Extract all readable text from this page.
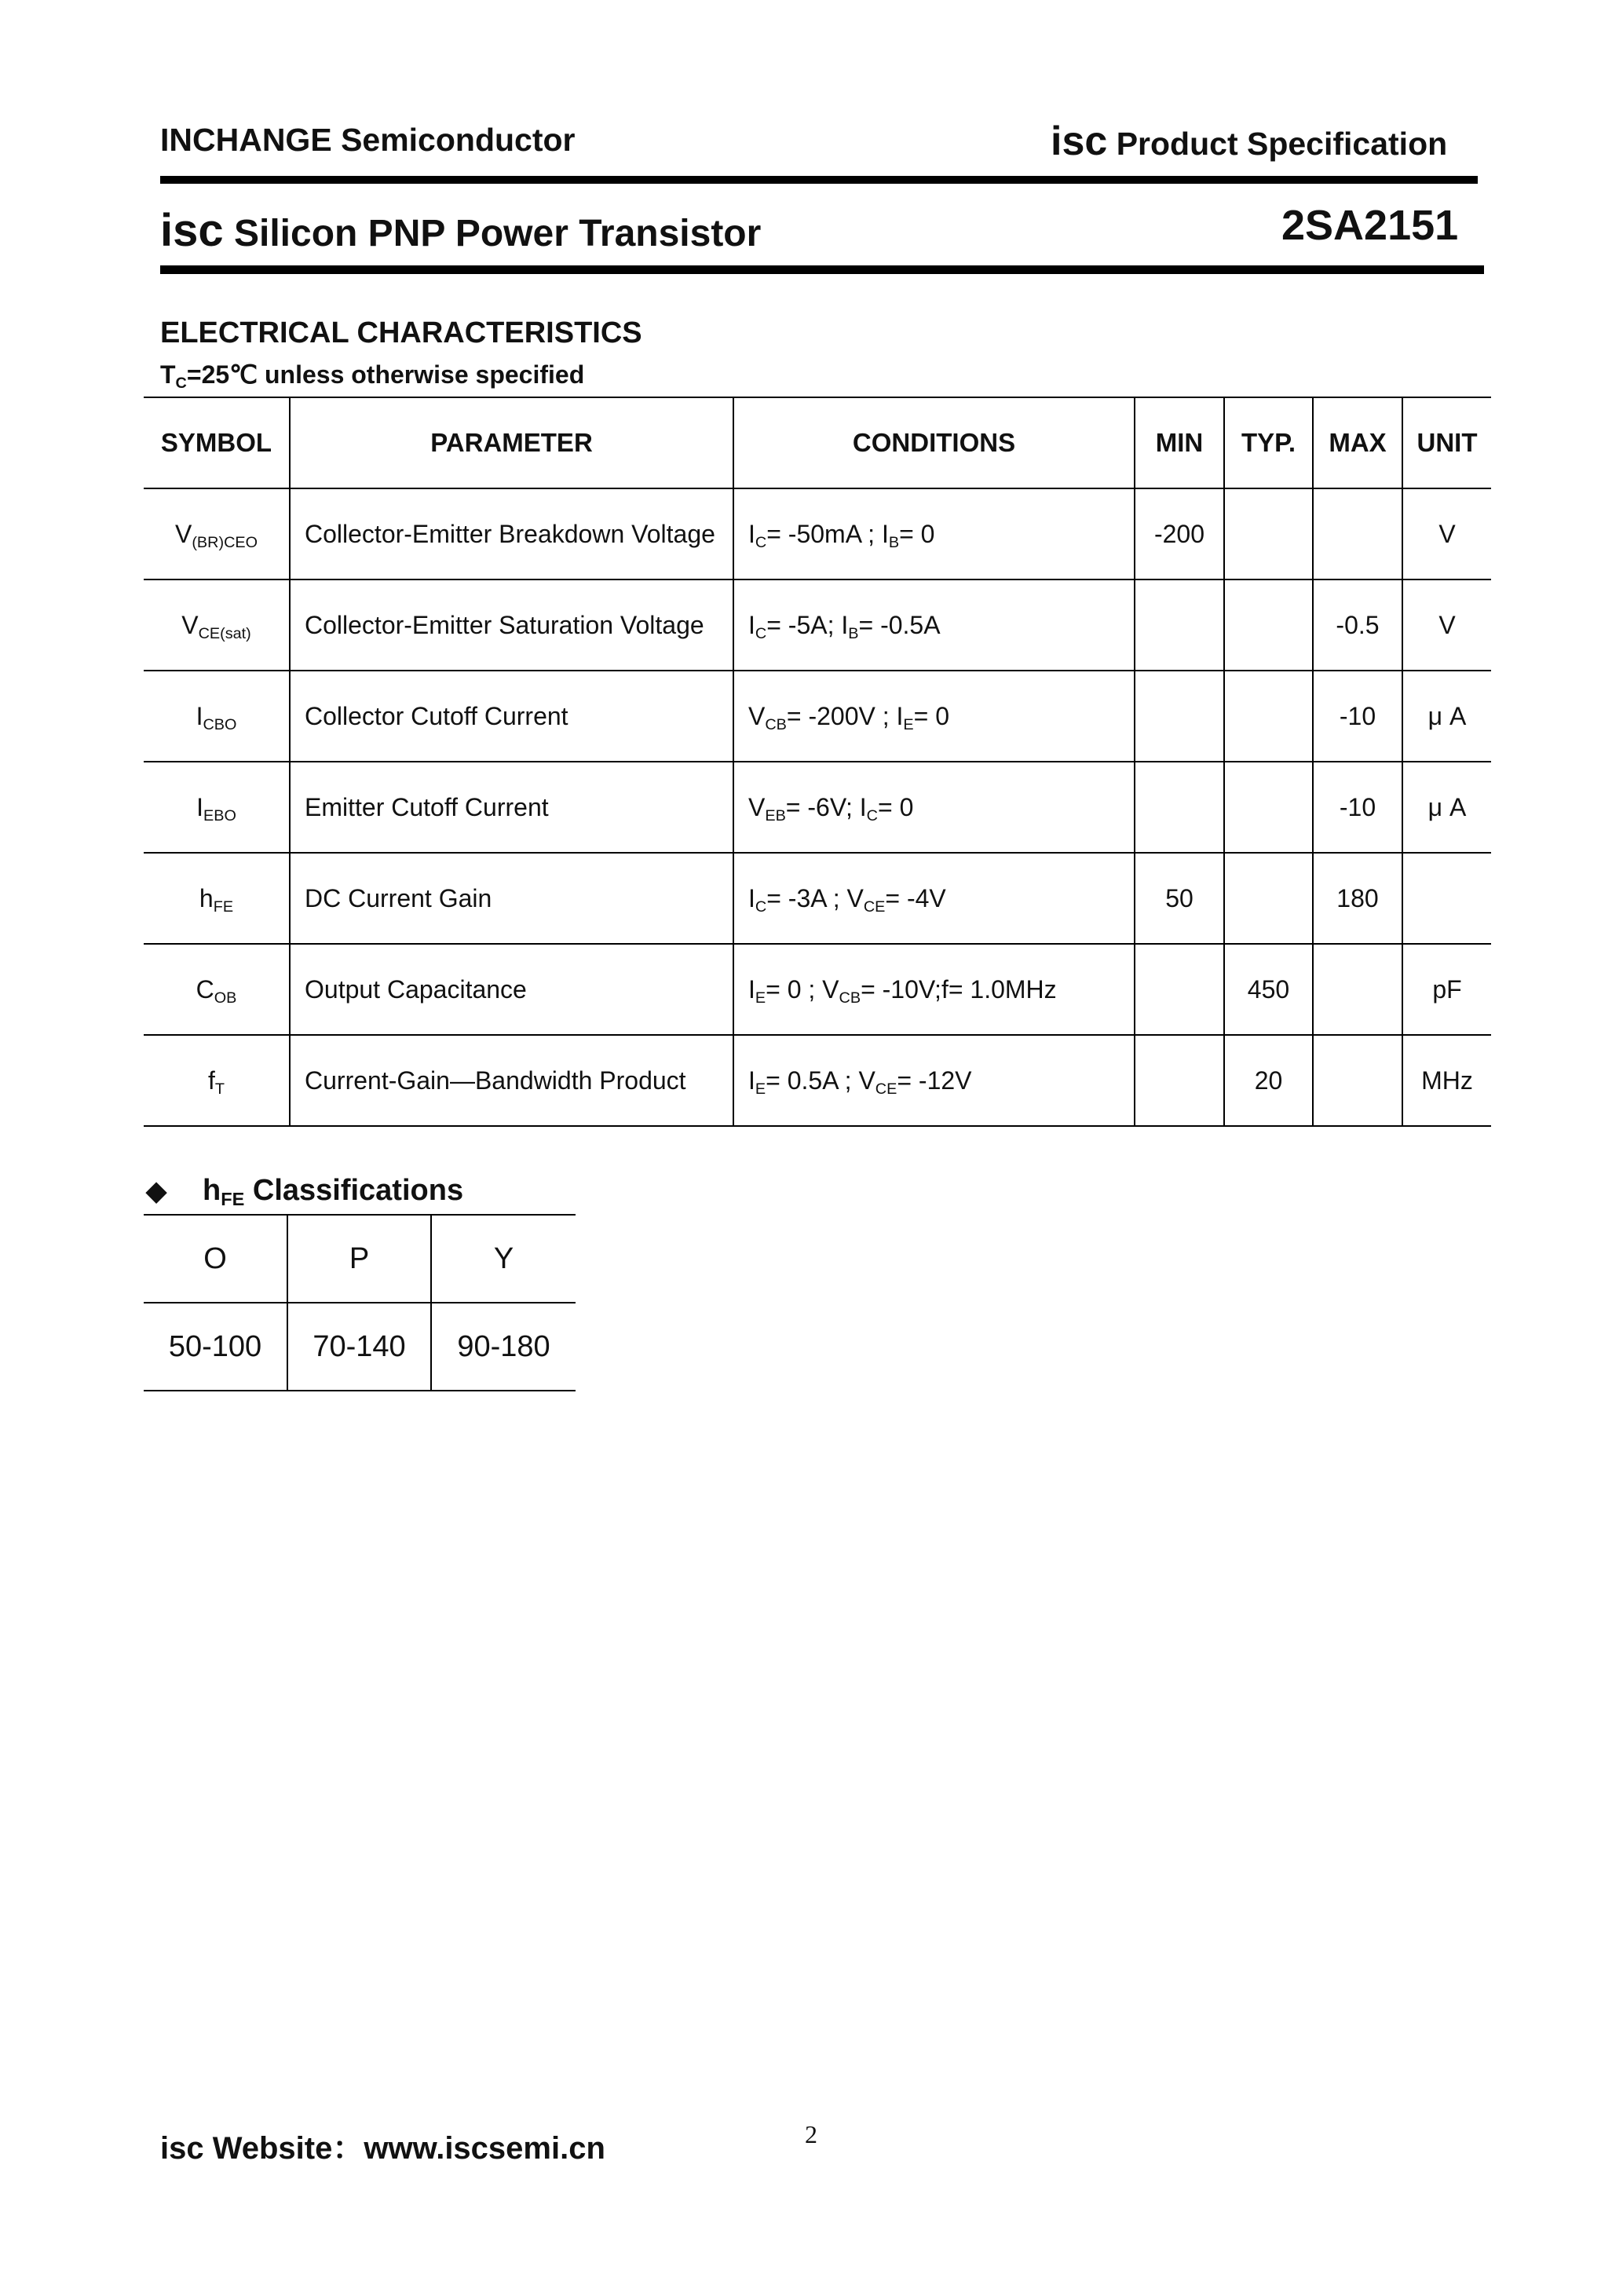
INCHANGE Semiconductor	isc Product Specification
isc Silicon PNP Power Transistor	2SA2151
ELECTRICAL CHARACTERISTICS
$T_C=25℃$ unless otherwise specified
SYMBOL	PARAMETER	CONDITIONS	MIN	TYP.	MAX	UNIT
$V_{(BR)CEO}$	Collector-Emitter Breakdown Voltage	$I_C= -50mA$ ; $I_B= 0$	-200			V
$V_{CE(sat)}$	Collector-Emitter Saturation Voltage	$I_C= -5A$; $I_B= -0.5A$			-0.5	V
$I_{CBO}$	Collector Cutoff Current	$V_{CB}= -200V$ ; $I_E= 0$			-10	μ A
$I_{EBO}$	Emitter Cutoff Current	$V_{EB}= -6V$; $I_C= 0$			-10	μ A
$h_{FE}$	DC Current Gain	$I_C= -3A$ ; $V_{CE}= -4V$	50		180	
$C_{OB}$	Output Capacitance	$I_E= 0$ ; $V_{CB}=$ -10V;f= 1.0MHz		450		pF
$f_T$	Current-Gain—Bandwidth Product	$I_E= 0.5A$ ; $V_{CE}= -12V$		20		MHz
◆ $h_{FE}$ Classifications
O	P	Y
50-100	70-140	90-180
isc Website：www.iscsemi.cn	2
